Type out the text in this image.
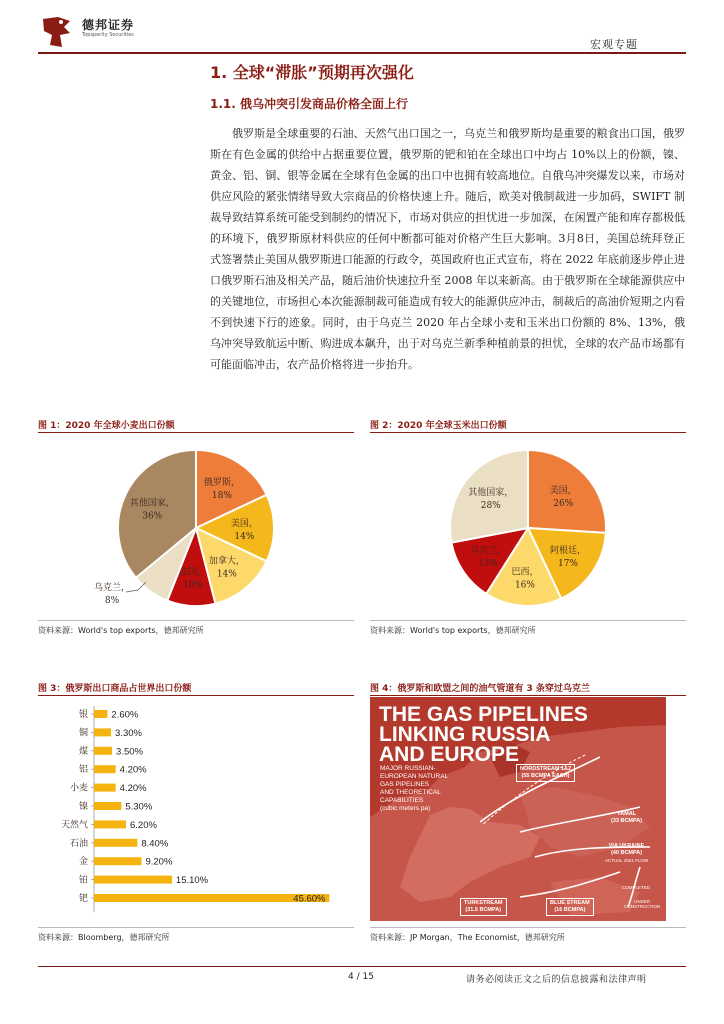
德邦证券
Topsperity Securities
宏观专题
1. 全球“滞胀”预期再次强化
1.1. 俄乌冲突引发商品价格全面上行
俄罗斯是全球重要的石油、天然气出口国之一，乌克兰和俄罗斯均是重要的粮食出口国，俄罗斯在有色金属的供给中占据重要位置，俄罗斯的钯和铂在全球出口中均占 10%以上的份额，镍、黄金、铝、铜、银等金属在全球有色金属的出口中也拥有较高地位。自俄乌冲突爆发以来，市场对供应风险的紧张情绪导致大宗商品的价格快速上升。随后，欧美对俄制裁进一步加码，SWIFT 制裁导致结算系统可能受到制约的情况下，市场对供应的担忧进一步加深，在闲置产能和库存都极低的环境下，俄罗斯原材料供应的任何中断都可能对价格产生巨大影响。3月8日，美国总统拜登正式签署禁止美国从俄罗斯进口能源的行政令，英国政府也正式宣布，将在 2022 年底前逐步停止进口俄罗斯石油及相关产品，随后油价快速拉升至 2008 年以来新高。由于俄罗斯在全球能源供应中的关键地位，市场担心本次能源制裁可能造成有较大的能源供应冲击，制裁后的高油价短期之内看不到快速下行的迹象。同时，由于乌克兰 2020 年占全球小麦和玉米出口份额的 8%、13%，俄乌冲突导致航运中断、购进成本飙升，出于对乌克兰新季种植前景的担忧，全球的农产品市场都有可能面临冲击，农产品价格将进一步抬升。
图 1：2020 年全球小麦出口份额
俄罗斯，
18%
美国，
14%
加拿大，
14%
法国，
10%
乌克兰，
8%
其他国家，
36%
资料来源：World's top exports，德邦研究所
图 2：2020 年全球玉米出口份额
美国，
26%
阿根廷，
17%
巴西，
16%
乌克兰，
13%
其他国家，
28%
资料来源：World's top exports，德邦研究所
图 3：俄罗斯出口商品占世界出口份额
银 2.60%
铜	3.30%
煤	3.50%
铝	4.20%
小麦	4.20%
镍	5.30%
天然气	6.20%
石油	8.40%
金	9.20%
铂	15.10%
钯	45.60%
资料来源：Bloomberg，德邦研究所
图 4：俄罗斯和欧盟之间的油气管道有 3 条穿过乌克兰
THE GAS PIPELINES
LINKING RUSSIA
AND EUROPE
MAJOR RUSSIAN-
EUROPEAN NATURAL
GAS PIPELINES
AND THEORETICAL
CAPABILITIES
(cubic meters pa)
NORDSTREAM 1&2
(55 BCMPA EACH)
YAMAL
(33 BCMPA)
VIA UKRAINE
(40 BCMPA)
ACTUAL 2021 FLOW
TURKSTREAM
(31.5 BCMPA)
BLUE STREAM
(16 BCMPA)
COMPLETED
UNDER
CONSTRUCTION
资料来源：JP Morgan，The Economist，德邦研究所
4 / 15	请务必阅读正文之后的信息披露和法律声明
